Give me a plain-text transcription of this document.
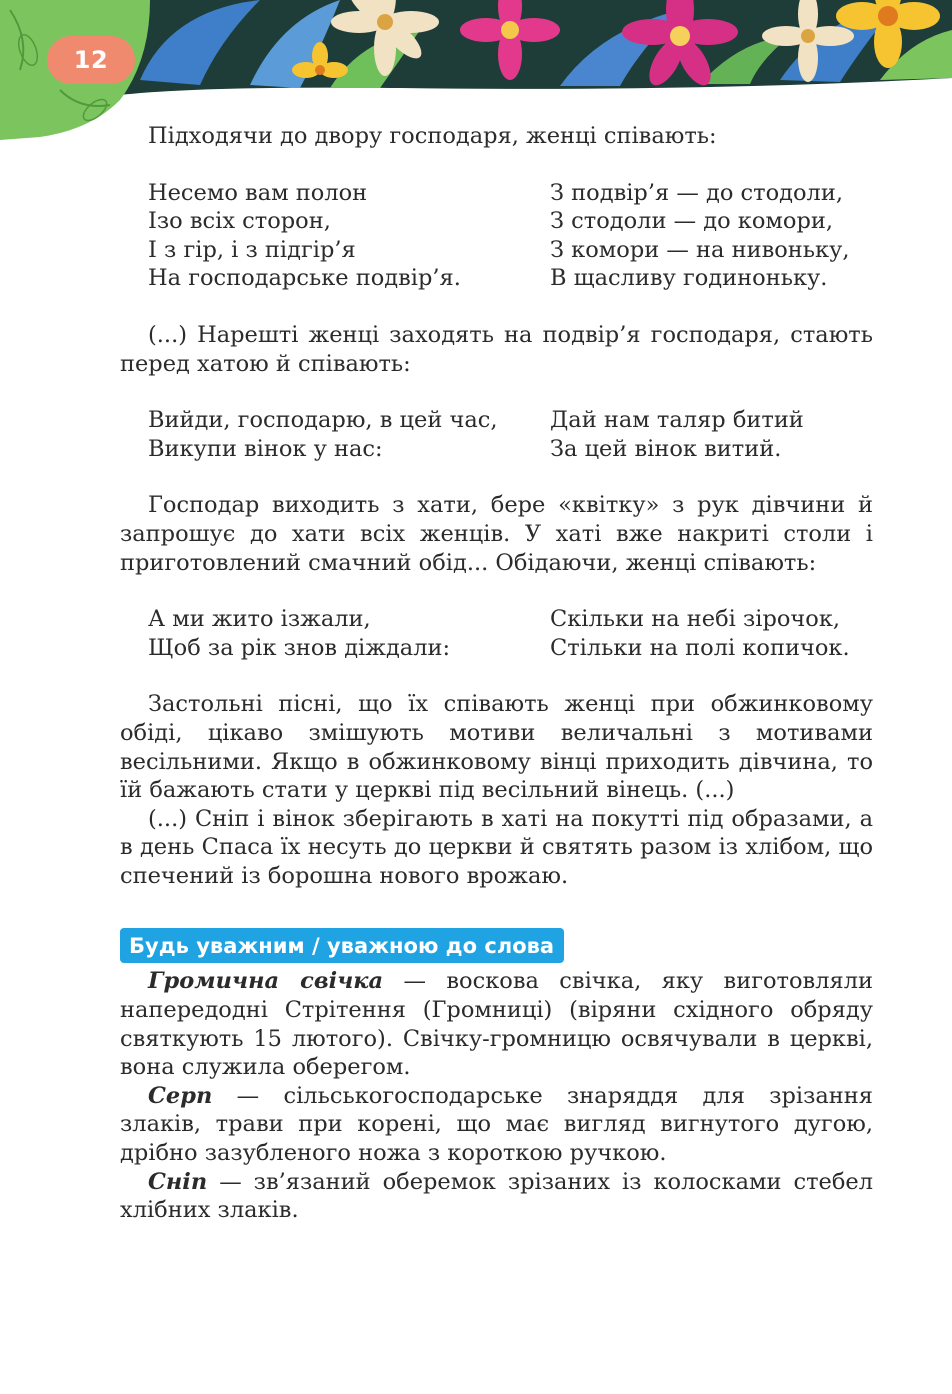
12

Підходячи до двору господаря, женці співають:

Несемо вам полон
Ізо всіх сторон,
І з гір, і з підгір’я
На господарське подвір’я.
З подвір’я — до стодоли,
З стодоли — до комори,
З комори — на нивоньку,
В щасливу годиноньку.

(...) Нарешті женці заходять на подвір’я господаря, стають перед хатою й співають:

Вийди, господарю, в цей час,
Викупи вінок у нас:
Дай нам таляр битий
За цей вінок витий.

Господар виходить з хати, бере «квітку» з рук дівчини й запрошує до хати всіх женців. У хаті вже накриті столи і приготовлений смачний обід... Обідаючи, женці співають:

А ми жито ізжали,
Щоб за рік знов діждали:
Скільки на небі зірочок,
Стільки на полі копичок.

Застольні пісні, що їх співають женці при обжинковому обіді, цікаво змішують мотиви величальні з мотивами весільними. Якщо в обжинковому вінці приходить дівчина, то їй бажають стати у церкві під весільний вінець. (...)

(...) Сніп і вінок зберігають в хаті на покутті під образами, а в день Спаса їх несуть до церкви й святять разом із хлібом, що спечений із борошна нового врожаю.

Будь уважним / уважною до слова

Громична свічка — воскова свічка, яку виготовляли напередодні Стрітення (Громниці) (віряни східного обряду святкують 15 лютого). Свічку-громницю освячували в церкві, вона служила оберегом.

Серп — сільськогосподарське знаряддя для зрізання злаків, трави при корені, що має вигляд вигнутого дугою, дрібно зазубленого ножа з короткою ручкою.

Сніп — зв’язаний оберемок зрізаних із колосками стебел хлібних злаків.
